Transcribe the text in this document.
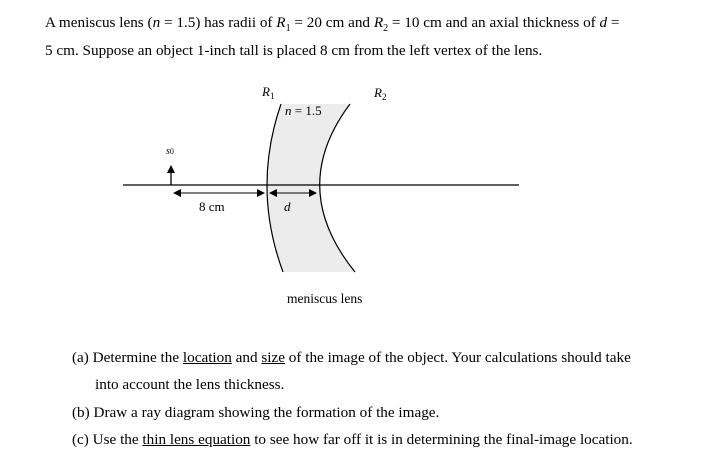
A meniscus lens (n = 1.5) has radii of $R_1 = 20$ cm and $R_2 = 10$ cm and an axial thickness of d =
5 cm. Suppose an object 1-inch tall is placed 8 cm from the left vertex of the lens.
$R_1$	$R_2$
n = 1.5
s0
8 cm	d
meniscus lens
(a) Determine the location and size of the image of the object. Your calculations should take
into account the lens thickness.
(b) Draw a ray diagram showing the formation of the image.
(c) Use the thin lens equation to see how far off it is in determining the final-image location.
